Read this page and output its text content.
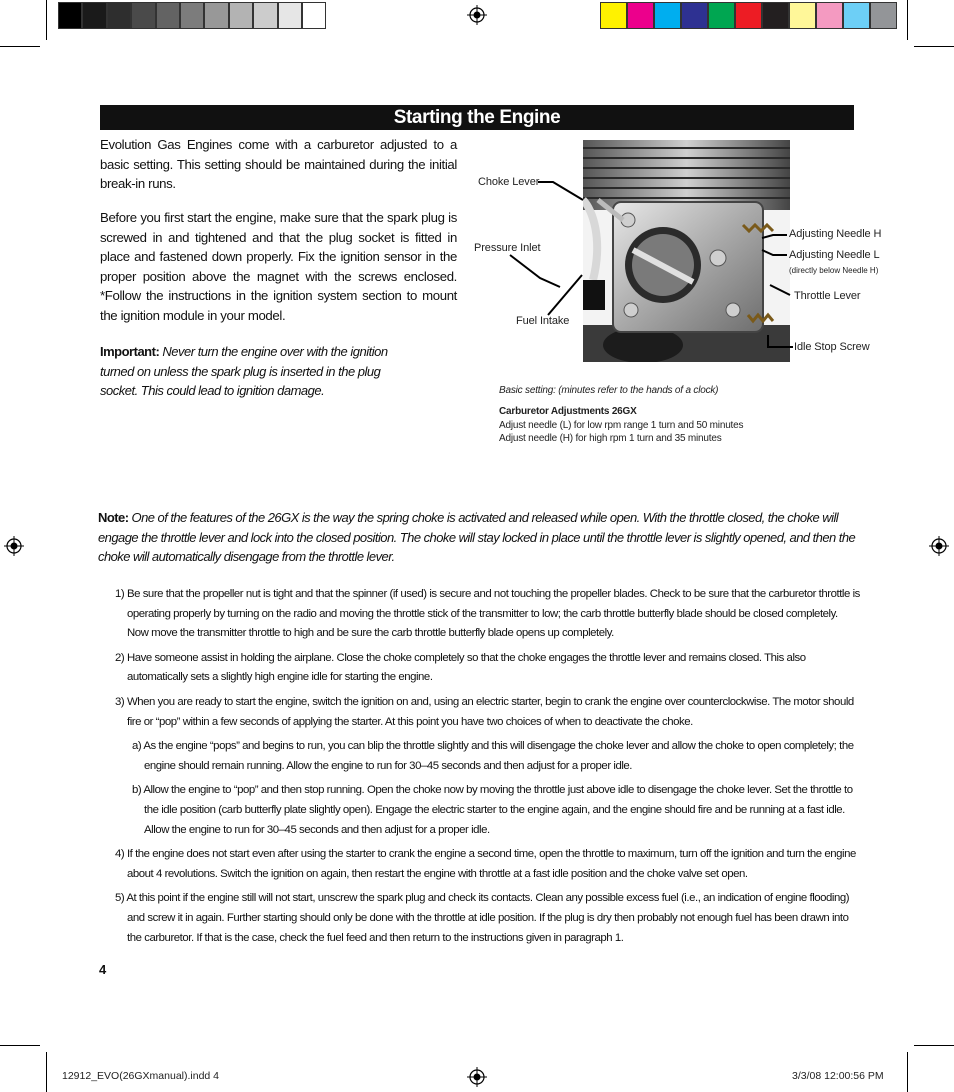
Starting the Engine
Evolution Gas Engines come with a carburetor adjusted to a basic setting. This setting should be maintained during the initial break-in runs.
Before you first start the engine, make sure that the spark plug is screwed in and tightened and that the plug socket is fitted in place and fastened down properly. Fix the ignition sensor in the proper position above the magnet with the screws enclosed. *Follow the instructions in the ignition system section to mount the ignition module in your model.
Important: Never turn the engine over with the ignition turned on unless the spark plug is inserted in the plug socket. This could lead to ignition damage.
Choke Lever
Pressure Inlet
Fuel Intake
Adjusting Needle H
Adjusting Needle L
(directly below Needle H)
Throttle Lever
Idle Stop Screw
Basic setting: (minutes refer to the hands of a clock)
Carburetor Adjustments 26GX
Adjust needle (L) for low rpm range 1 turn and 50 minutes
Adjust needle (H) for high rpm 1 turn and 35 minutes
Note: One of the features of the 26GX is the way the spring choke is activated and released while open. With the throttle closed, the choke will engage the throttle lever and lock into the closed position. The choke will stay locked in place until the throttle lever is slightly opened, and then the choke will automatically disengage from the throttle lever.
1) Be sure that the propeller nut is tight and that the spinner (if used) is secure and not touching the propeller blades. Check to be sure that the carburetor throttle is operating properly by turning on the radio and moving the throttle stick of the transmitter to low; the carb throttle butterfly blade should be closed completely. Now move the transmitter throttle to high and be sure the carb throttle butterfly blade opens up completely.
2) Have someone assist in holding the airplane. Close the choke completely so that the choke engages the throttle lever and remains closed. This also automatically sets a slightly high engine idle for starting the engine.
3) When you are ready to start the engine, switch the ignition on and, using an electric starter, begin to crank the engine over counterclockwise. The motor should fire or “pop” within a few seconds of applying the starter. At this point you have two choices of when to deactivate the choke.
a) As the engine “pops” and begins to run, you can blip the throttle slightly and this will disengage the choke lever and allow the choke to open completely; the engine should remain running. Allow the engine to run for 30–45 seconds and then adjust for a proper idle.
b) Allow the engine to “pop” and then stop running. Open the choke now by moving the throttle just above idle to disengage the choke lever. Set the throttle to the idle position (carb butterfly plate slightly open). Engage the electric starter to the engine again, and the engine should fire and be running at a fast idle. Allow the engine to run for 30–45 seconds and then adjust for a proper idle.
4) If the engine does not start even after using the starter to crank the engine a second time, open the throttle to maximum, turn off the ignition and turn the engine about 4 revolutions. Switch the ignition on again, then restart the engine with throttle at a fast idle position and the choke valve set open.
5) At this point if the engine still will not start, unscrew the spark plug and check its contacts. Clean any possible excess fuel (i.e., an indication of engine flooding) and screw it in again. Further starting should only be done with the throttle at idle position. If the plug is dry then probably not enough fuel has been drawn into the carburetor. If that is the case, check the fuel feed and then return to the instructions given in paragraph 1.
4
12912_EVO(26GXmanual).indd 4	3/3/08 12:00:56 PM
